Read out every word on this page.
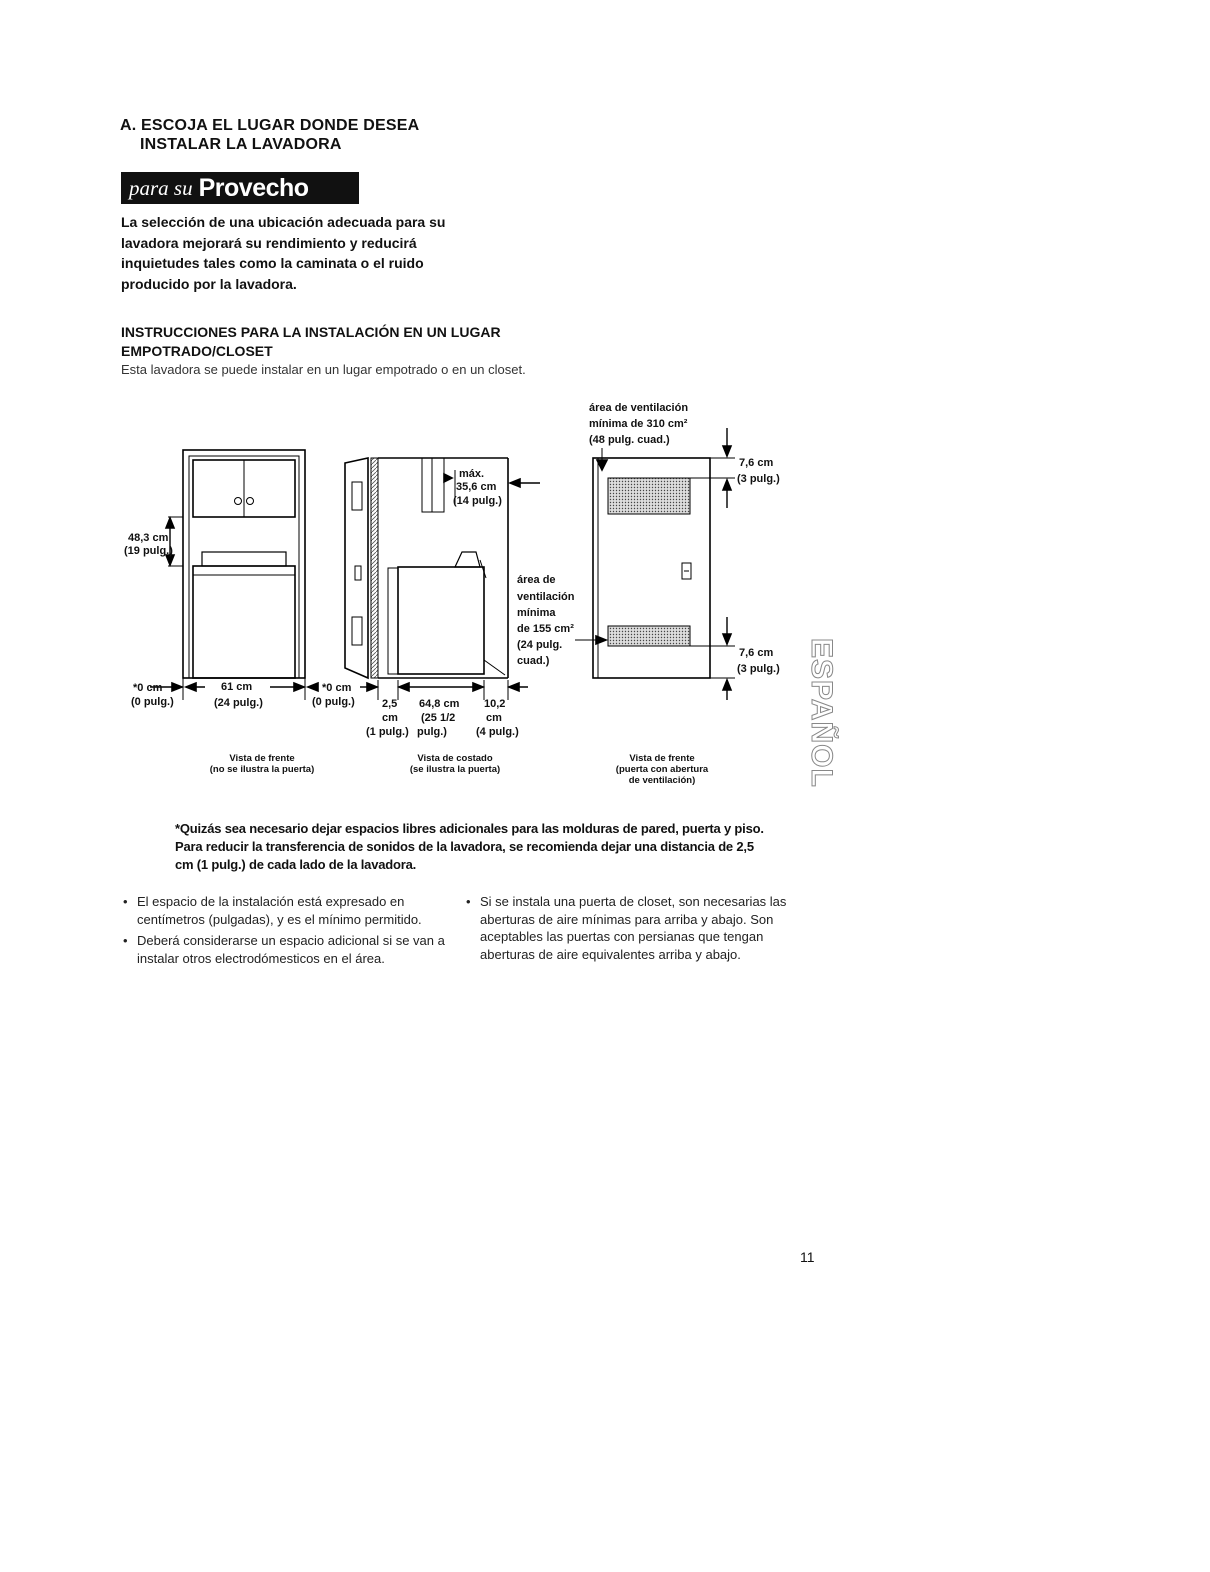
A. ESCOJA EL LUGAR DONDE DESEA
INSTALAR LA LAVADORA
para su Provecho
La selección de una ubicación adecuada para su lavadora mejorará su rendimiento y reducirá inquietudes tales como la caminata o el ruido producido por la lavadora.
INSTRUCCIONES PARA LA INSTALACIÓN EN UN LUGAR
EMPOTRADO/CLOSET
Esta lavadora se puede instalar en un lugar empotrado o en un closet.
48,3 cm
(19 pulg.)
*0 cm
(0 pulg.)
61 cm
(24 pulg.)
*0 cm
(0 pulg.)
Vista de frente
(no se ilustra la puerta)
máx.
35,6 cm
(14 pulg.)
área de
ventilación
mínima
de 155 cm²
(24 pulg.
cuad.)
2,5
cm
(1 pulg.)
64,8 cm
(25 1/2
pulg.)
10,2
cm
(4 pulg.)
Vista de costado
(se ilustra la puerta)
área de ventilación
mínima de 310 cm²
(48 pulg. cuad.)
7,6 cm
(3 pulg.)
7,6 cm
(3 pulg.)
Vista de frente
(puerta con abertura
de ventilación)	ESPAÑOL
*Quizás sea necesario dejar espacios libres adicionales para las molduras de pared, puerta y piso. Para reducir la transferencia de sonidos de la lavadora, se recomienda dejar una distancia de 2,5 cm (1 pulg.) de cada lado de la lavadora.
• El espacio de la instalación está expresado en centímetros (pulgadas), y es el mínimo permitido.
• Deberá considerarse un espacio adicional si se van a instalar otros electrodómesticos en el área.
• Si se instala una puerta de closet, son necesarias las aberturas de aire mínimas para arriba y abajo. Son aceptables las puertas con persianas que tengan aberturas de aire equivalentes arriba y abajo.
11
